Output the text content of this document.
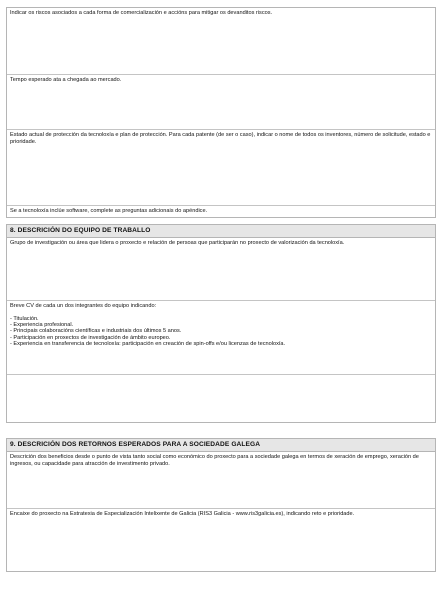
Indicar os riscos asociados a cada forma de comercialización e accións para mitigar os devanditos riscos.
Tempo esperado ata a chegada ao mercado.
Estado actual de protección da tecnoloxía e plan de protección. Para cada patente (de ser o caso), indicar o nome de todos os inventores, número de solicitude, estado e prioridade.
Se a tecnoloxía inclúe software, complete as preguntas adicionais do apéndice.
8. DESCRICIÓN DO EQUIPO DE TRABALLO
Grupo de investigación ou área que lidera o proxecto e relación de persoas que participarán no proxecto de valorización da tecnoloxía.
Breve CV de cada un dos integrantes do equipo indicando:
- Titulación.
- Experiencia profesional.
- Principais colaboracións científicas e industriais dos últimos 5 anos.
- Participación en proxectos de investigación de ámbito europeo.
- Experiencia en transferencia de tecnoloxía: participación en creación de spin-offs e/ou licenzas de tecnoloxía.
9. DESCRICIÓN DOS RETORNOS ESPERADOS PARA A SOCIEDADE GALEGA
Descrición dos beneficios desde o punto de vista tanto social como económico do proxecto para a sociedade galega en termos de xeración de emprego, xeración de ingresos, ou capacidade para atracción de investimento privado.
Encaixe do proxecto na Estratexia de Especialización Intelixente de Galicia (RIS3 Galicia - www.ris3galicia.es), indicando reto e prioridade.
